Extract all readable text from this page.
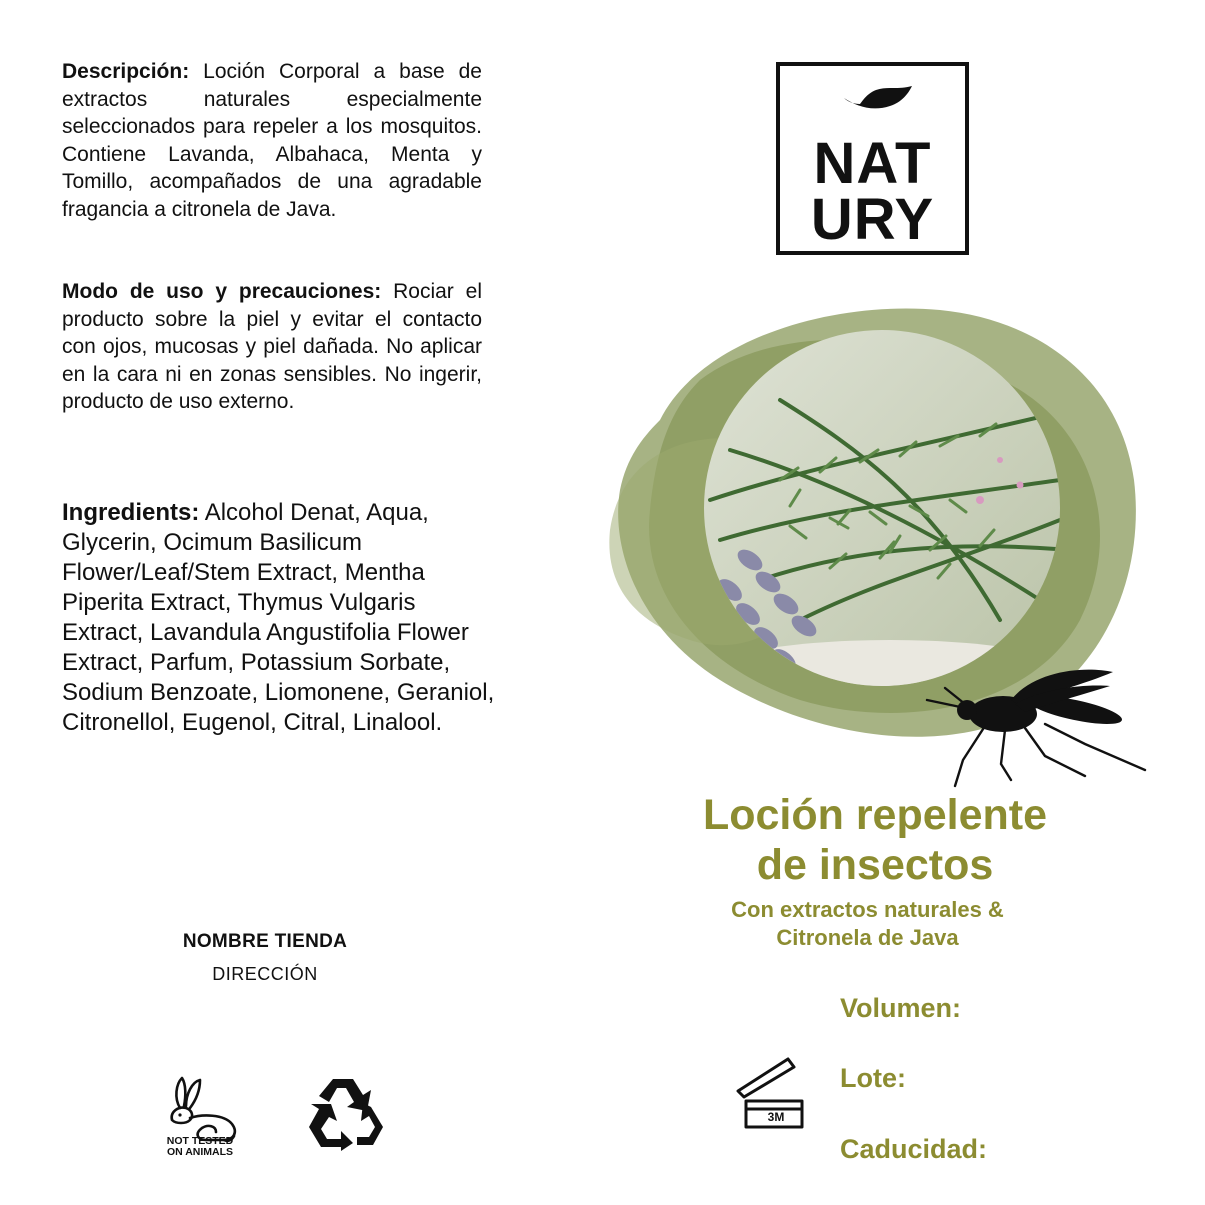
Descripción: Loción Corporal a base de extractos naturales especialmente seleccionados para repeler a los mosquitos. Contiene Lavanda, Albahaca, Menta y Tomillo, acompañados de una agradable fragancia a citronela de Java.
Modo de uso y precauciones: Rociar el producto sobre la piel y evitar el contacto con ojos, mucosas y piel dañada. No aplicar en la cara ni en zonas sensibles. No ingerir, producto de uso externo.
Ingredients: Alcohol Denat, Aqua, Glycerin, Ocimum Basilicum Flower/Leaf/Stem Extract, Mentha Piperita Extract, Thymus Vulgaris Extract, Lavandula Angustifolia Flower Extract, Parfum, Potassium Sorbate, Sodium Benzoate, Liomonene, Geraniol, Citronellol, Eugenol, Citral, Linalool.
NOMBRE TIENDA
DIRECCIÓN
NOT TESTED
ON ANIMALS
NAT
URY
Loción repelente
de insectos
Con extractos naturales &
Citronela de Java
Volumen:
Lote:
Caducidad:
3M
